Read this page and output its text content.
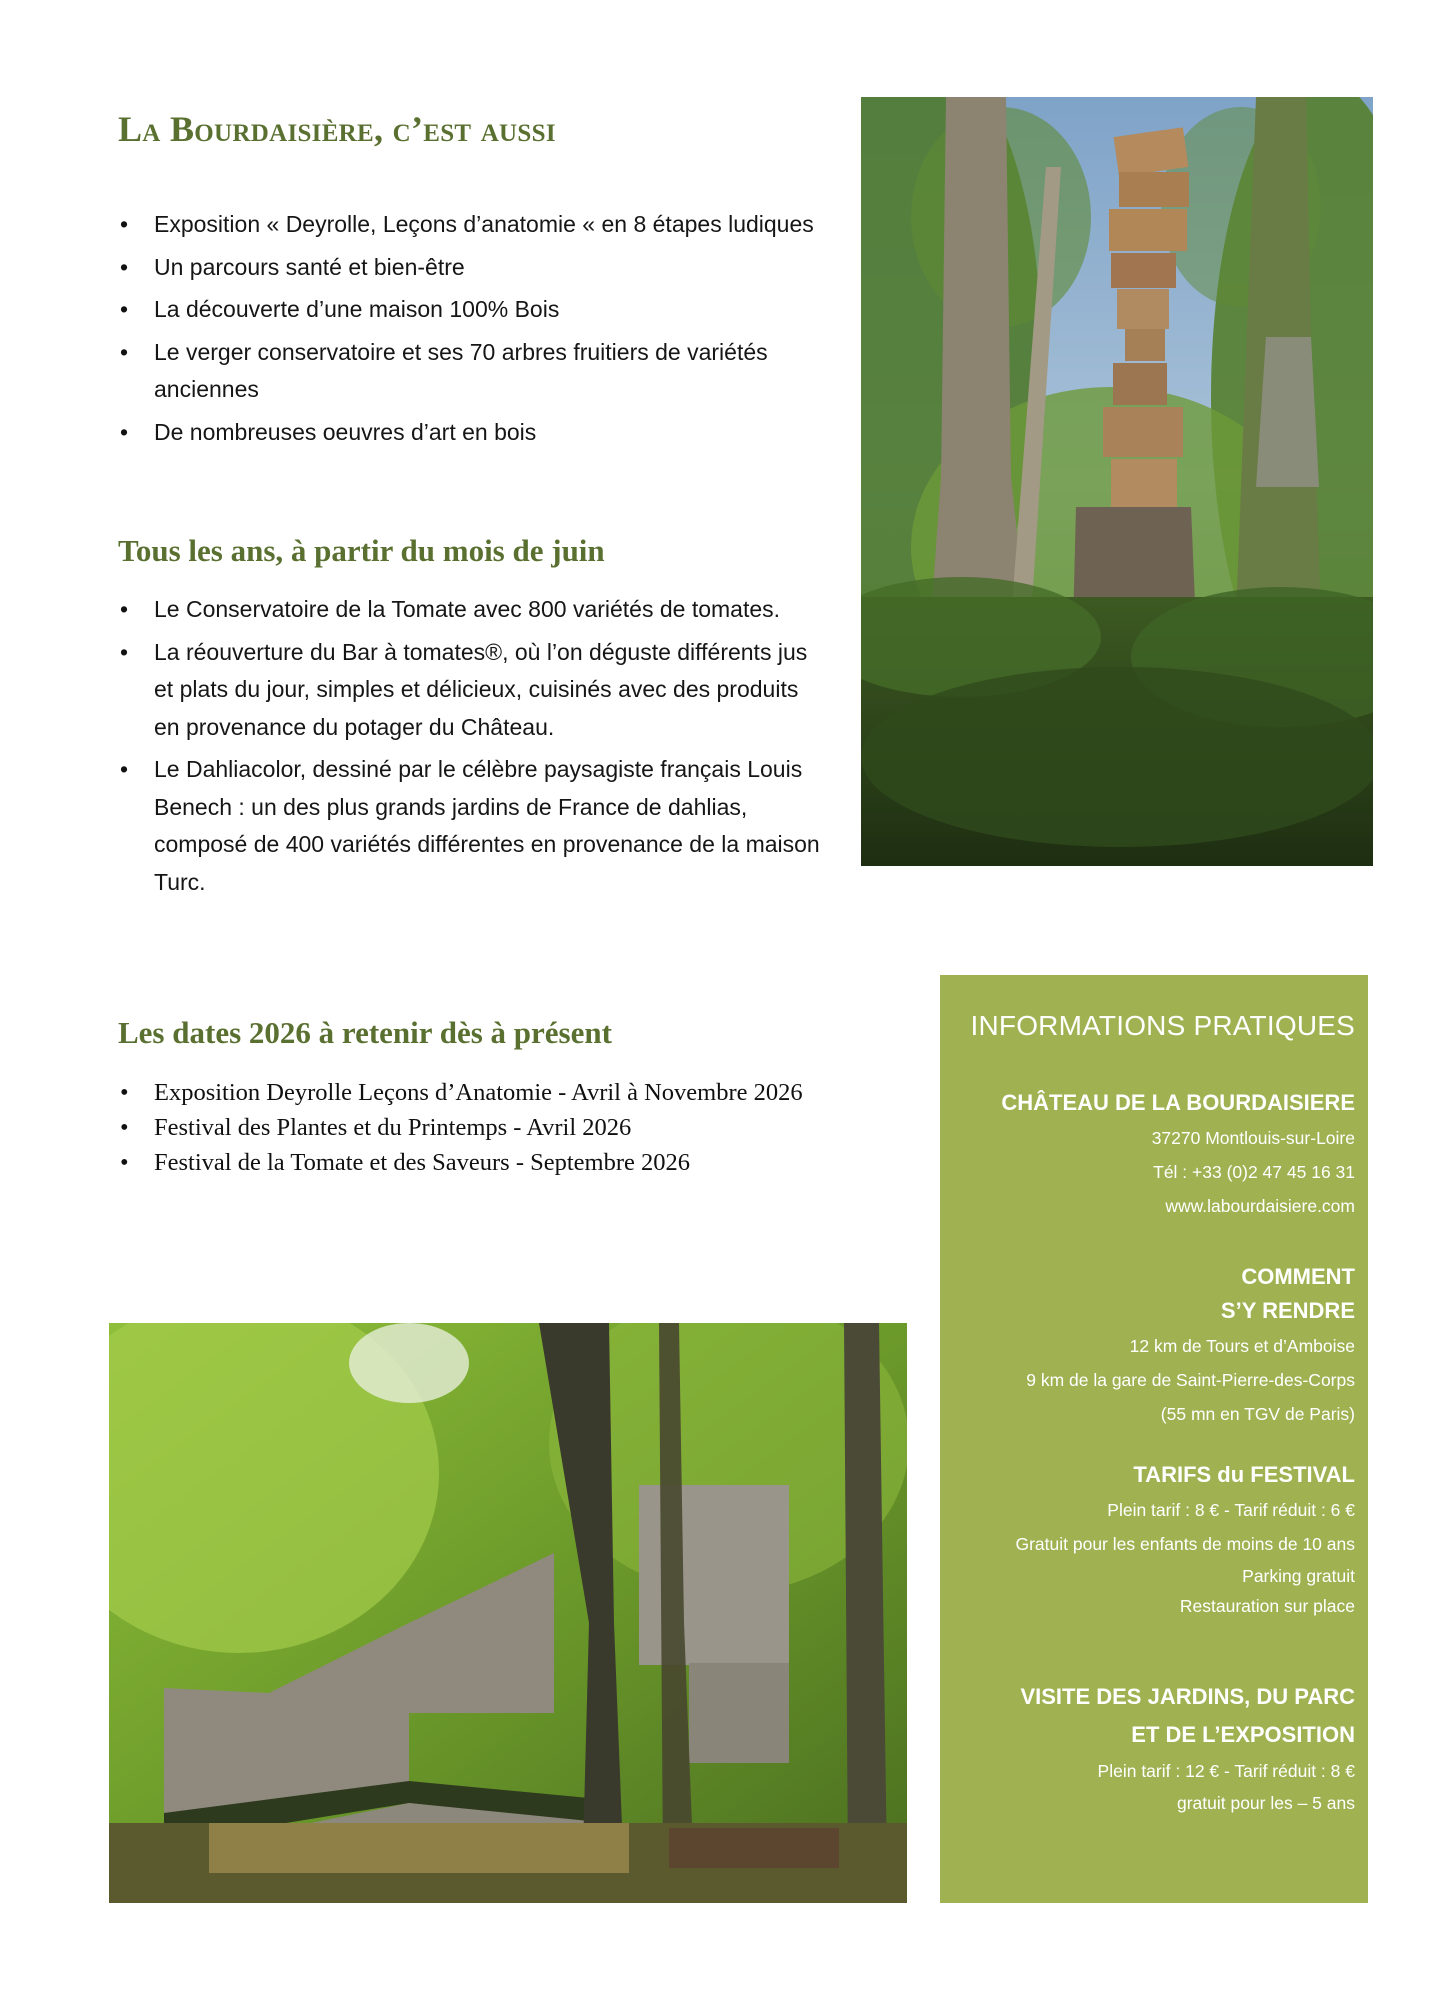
La Bourdaisière, c’est aussi
• Exposition « Deyrolle, Leçons d’anatomie « en 8 étapes ludiques
• Un parcours santé et bien-être
• La découverte d’une maison 100% Bois
• Le verger conservatoire et ses 70 arbres fruitiers de variétés anciennes
• De nombreuses oeuvres d’art en bois
Tous les ans, à partir du mois de juin
• Le Conservatoire de la Tomate avec 800 variétés de tomates.
• La réouverture du Bar à tomates®, où l’on déguste différents jus et plats du jour, simples et délicieux, cuisinés avec des produits en provenance du potager du Château.
• Le Dahliacolor, dessiné par le célèbre paysagiste français Louis Benech : un des plus grands jardins de France de dahlias, composé de 400 variétés différentes en provenance de la maison Turc.
Les dates 2026 à retenir dès à présent
• Exposition Deyrolle Leçons d’Anatomie - Avril à Novembre 2026
• Festival des Plantes et du Printemps - Avril 2026
• Festival de la Tomate et des Saveurs - Septembre 2026
INFORMATIONS PRATIQUES
CHÂTEAU DE LA BOURDAISIERE
37270 Montlouis-sur-Loire
Tél : +33 (0)2 47 45 16 31
www.labourdaisiere.com
COMMENT
S’Y RENDRE
12 km de Tours et d’Amboise
9 km de la gare de Saint-Pierre-des-Corps
(55 mn en TGV de Paris)
TARIFS du FESTIVAL
Plein tarif : 8 € - Tarif réduit : 6 €
Gratuit pour les enfants de moins de 10 ans
Parking gratuit
Restauration sur place
VISITE DES JARDINS, DU PARC
ET DE L’EXPOSITION
Plein tarif : 12 € - Tarif réduit : 8 €
gratuit pour les – 5 ans
